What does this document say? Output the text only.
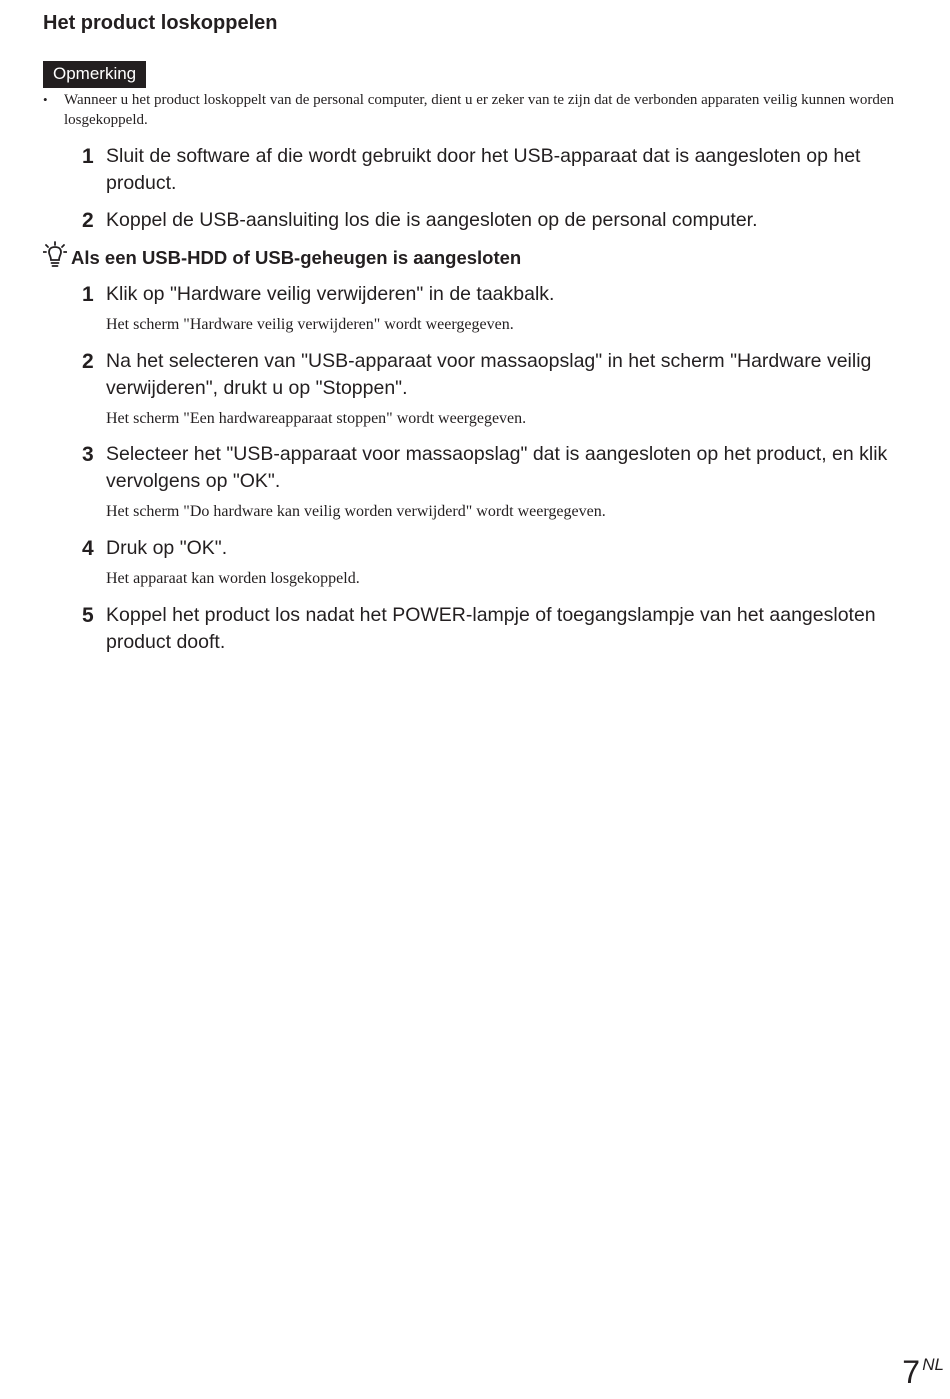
Het product loskoppelen
Opmerking
• Wanneer u het product loskoppelt van de personal computer, dient u er zeker van te zijn dat de verbonden apparaten veilig kunnen worden losgekoppeld.
1 Sluit de software af die wordt gebruikt door het USB-apparaat dat is aangesloten op het product.
2 Koppel de USB-aansluiting los die is aangesloten op de personal computer.
Als een USB-HDD of USB-geheugen is aangesloten
1 Klik op "Hardware veilig verwijderen" in de taakbalk.
Het scherm "Hardware veilig verwijderen" wordt weergegeven.
2 Na het selecteren van "USB-apparaat voor massaopslag" in het scherm "Hardware veilig verwijderen", drukt u op "Stoppen".
Het scherm "Een hardwareapparaat stoppen" wordt weergegeven.
3 Selecteer het "USB-apparaat voor massaopslag" dat is aangesloten op het product, en klik vervolgens op "OK".
Het scherm "Do hardware kan veilig worden verwijderd" wordt weergegeven.
4 Druk op "OK".
Het apparaat kan worden losgekoppeld.
5 Koppel het product los nadat het POWER-lampje of toegangslampje van het aangesloten product dooft.
7 NL
